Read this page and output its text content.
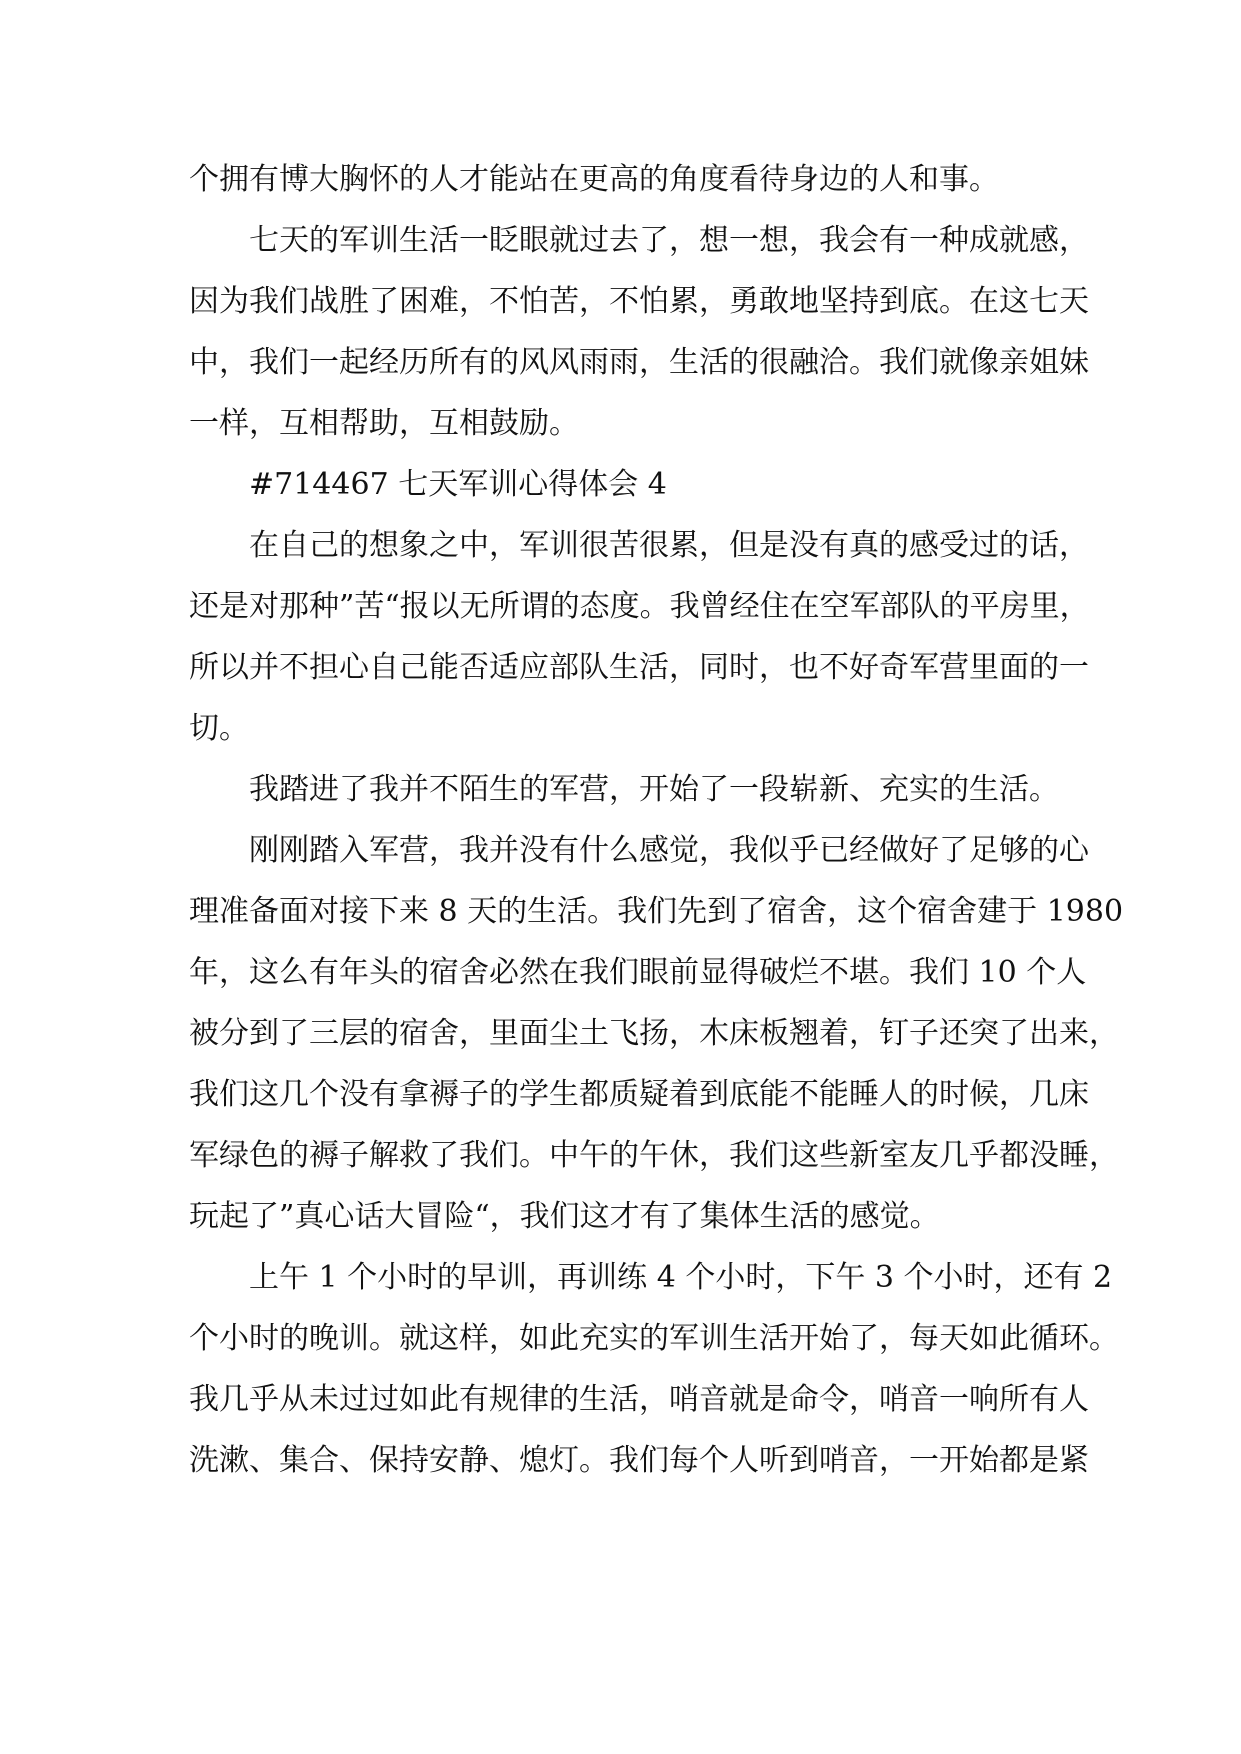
个拥有博大胸怀的人才能站在更高的角度看待身边的人和事。
七天的军训生活一眨眼就过去了，想一想，我会有一种成就感，
因为我们战胜了困难，不怕苦，不怕累，勇敢地坚持到底。在这七天
中，我们一起经历所有的风风雨雨，生活的很融洽。我们就像亲姐妹
一样，互相帮助，互相鼓励。
#714467 七天军训心得体会 4
在自己的想象之中，军训很苦很累，但是没有真的感受过的话，
还是对那种”苦“报以无所谓的态度。我曾经住在空军部队的平房里，
所以并不担心自己能否适应部队生活，同时，也不好奇军营里面的一
切。
我踏进了我并不陌生的军营，开始了一段崭新、充实的生活。
刚刚踏入军营，我并没有什么感觉，我似乎已经做好了足够的心
理准备面对接下来 8 天的生活。我们先到了宿舍，这个宿舍建于 1980
年，这么有年头的宿舍必然在我们眼前显得破烂不堪。我们 10 个人
被分到了三层的宿舍，里面尘土飞扬，木床板翘着，钉子还突了出来，
我们这几个没有拿褥子的学生都质疑着到底能不能睡人的时候，几床
军绿色的褥子解救了我们。中午的午休，我们这些新室友几乎都没睡，
玩起了”真心话大冒险“，我们这才有了集体生活的感觉。
上午 1 个小时的早训，再训练 4 个小时，下午 3 个小时，还有 2
个小时的晚训。就这样，如此充实的军训生活开始了，每天如此循环。
我几乎从未过过如此有规律的生活，哨音就是命令，哨音一响所有人
洗漱、集合、保持安静、熄灯。我们每个人听到哨音，一开始都是紧
